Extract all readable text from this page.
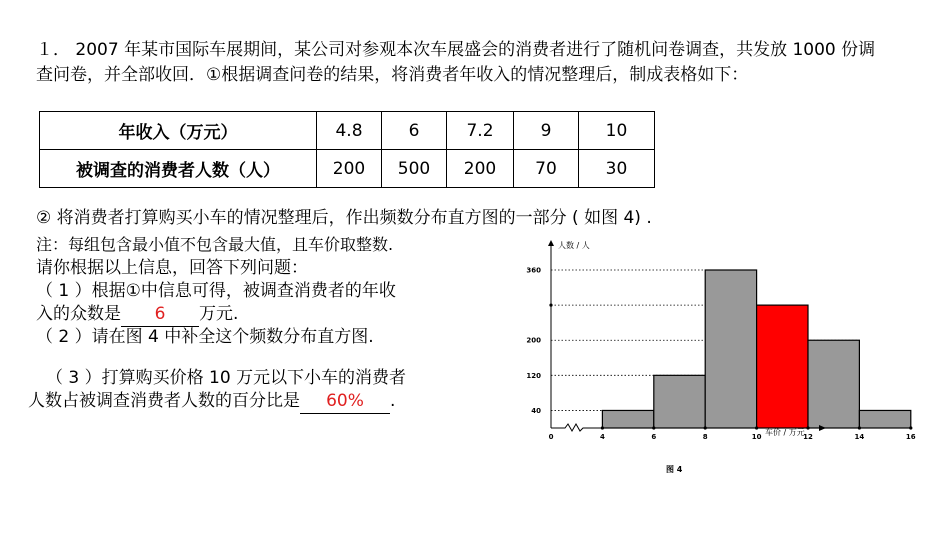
１． 2007 年某市国际车展期间，某公司对参观本次车展盛会的消费者进行了随机问卷调查，共发放 1000 份调查问卷，并全部收回．①根据调查问卷的结果，将消费者年收入的情况整理后，制成表格如下：
年收入（万元）	4.8	6	7.2	9	10
被调查的消费者人数（人）	200	500	200	70	30
② 将消费者打算购买小车的情况整理后，作出频数分布直方图的一部分 ( 如图 4) .
注：每组包含最小值不包含最大值，且车价取整数.
请你根据以上信息，回答下列问题：
（ 1 ）根据①中信息可得，被调查消费者的年收
入的众数是 6 万元.
（ 2 ）请在图 4 中补全这个频数分布直方图.
（ 3 ）打算购买价格 10 万元以下小车的消费者
人数占被调查消费者人数的百分比是 60% .
0	4	6	8	10	12	14	16
40
120
200
360
人数 / 人
车价 / 万元
图 4
